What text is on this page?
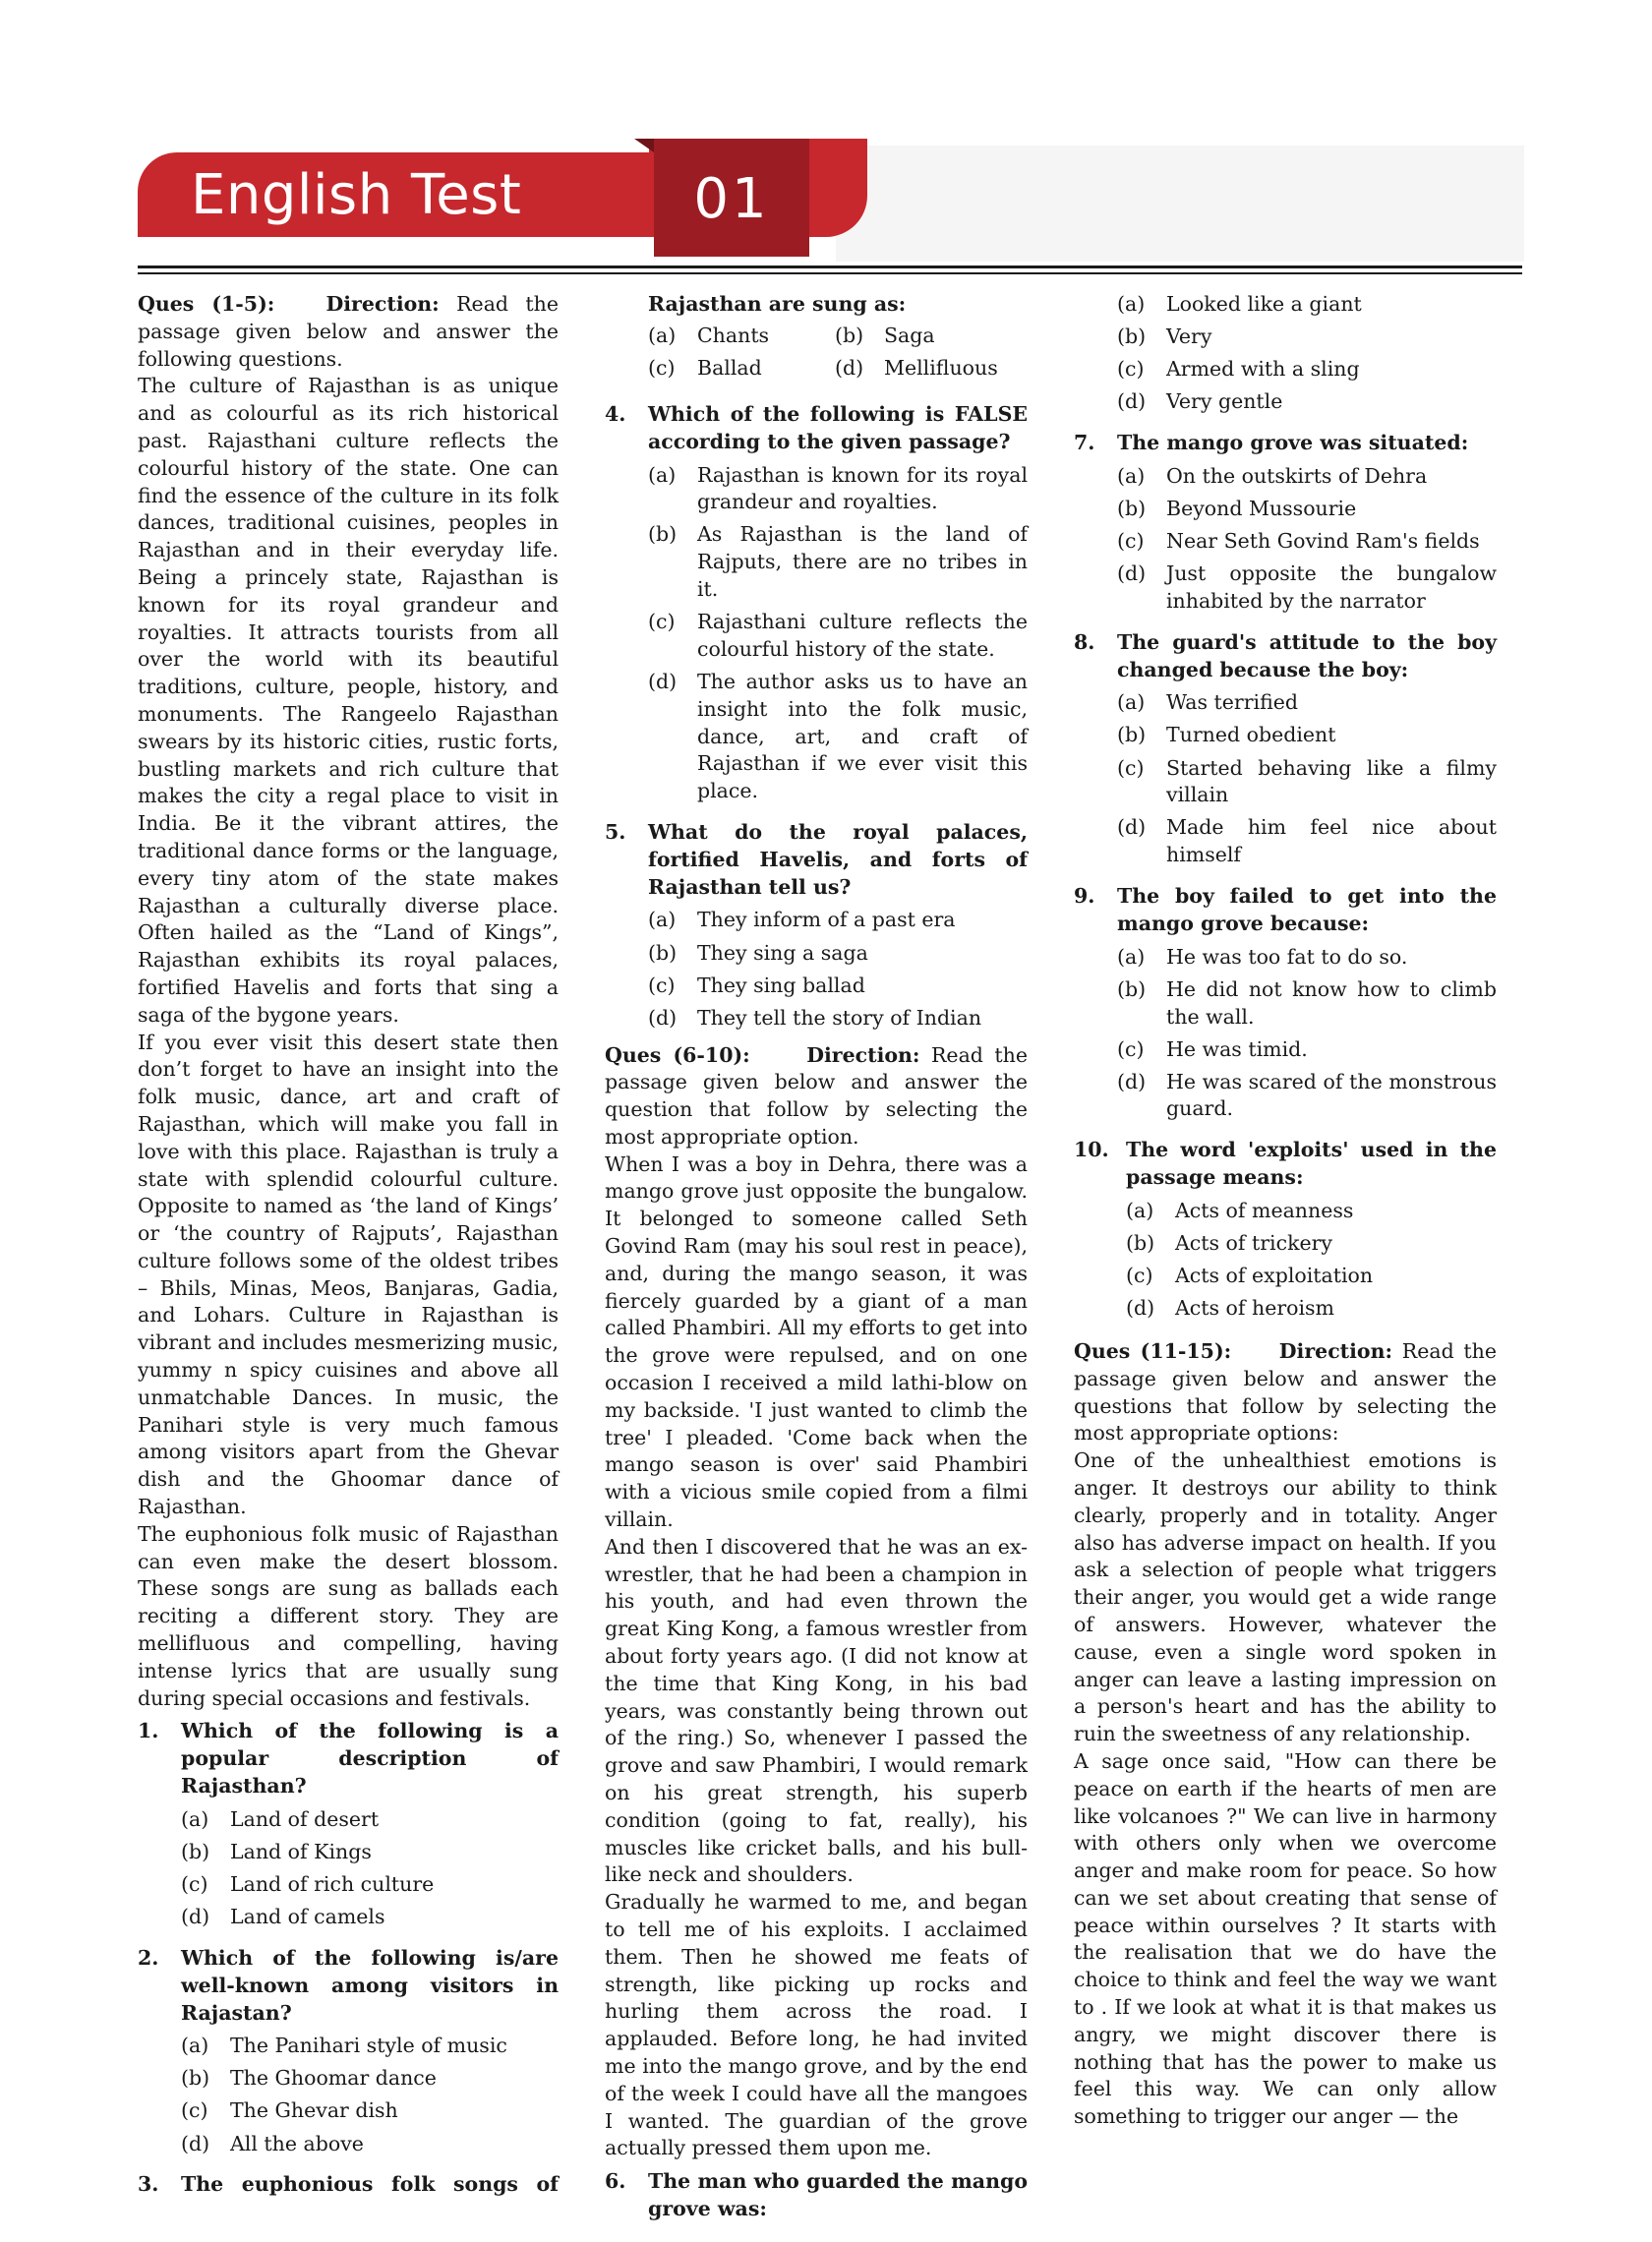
English Test	01

Ques (1-5):	Direction: Read the passage given below and answer the following questions.

The culture of Rajasthan is as unique and as colourful as its rich historical past. Rajasthani culture reflects the colourful history of the state. One can find the essence of the culture in its folk dances, traditional cuisines, peoples in Rajasthan and in their everyday life. Being a princely state, Rajasthan is known for its royal grandeur and royalties. It attracts tourists from all over the world with its beautiful traditions, culture, people, history, and monuments. The Rangeelo Rajasthan swears by its historic cities, rustic forts, bustling markets and rich culture that makes the city a regal place to visit in India. Be it the vibrant attires, the traditional dance forms or the language, every tiny atom of the state makes Rajasthan a culturally diverse place. Often hailed as the “Land of Kings”, Rajasthan exhibits its royal palaces, fortified Havelis and forts that sing a saga of the bygone years.

If you ever visit this desert state then don’t forget to have an insight into the folk music, dance, art and craft of Rajasthan, which will make you fall in love with this place. Rajasthan is truly a state with splendid colourful culture. Opposite to named as ‘the land of Kings’ or ‘the country of Rajputs’, Rajasthan culture follows some of the oldest tribes – Bhils, Minas, Meos, Banjaras, Gadia, and Lohars. Culture in Rajasthan is vibrant and includes mesmerizing music, yummy n spicy cuisines and above all unmatchable Dances. In music, the Panihari style is very much famous among visitors apart from the Ghevar dish and the Ghoomar dance of Rajasthan.

The euphonious folk music of Rajasthan can even make the desert blossom. These songs are sung as ballads each reciting a different story. They are mellifluous and compelling, having intense lyrics that are usually sung during special occasions and festivals.

1.	Which of the following is a popular description of Rajasthan?
(a)	Land of desert
(b)	Land of Kings
(c)	Land of rich culture
(d)	Land of camels
2.	Which of the following is/are well-known among visitors in Rajastan?
(a)	The Panihari style of music
(b)	The Ghoomar dance
(c)	The Ghevar dish
(d)	All the above
3.	The euphonious folk songs of
Rajasthan are sung as:
(a)	Chants	(b)	Saga
(c)	Ballad	(d)	Mellifluous
4.	Which of the following is FALSE according to the given passage?
(a)	Rajasthan is known for its royal grandeur and royalties.
(b)	As Rajasthan is the land of Rajputs, there are no tribes in it.
(c)	Rajasthani culture reflects the colourful history of the state.
(d)	The author asks us to have an insight into the folk music, dance, art, and craft of Rajasthan if we ever visit this place.
5.	What do the royal palaces, fortified Havelis, and forts of Rajasthan tell us?
(a)	They inform of a past era
(b)	They sing a saga
(c)	They sing ballad
(d)	They tell the story of Indian

Ques (6-10):	Direction: Read the passage given below and answer the question that follow by selecting the most appropriate option.

When I was a boy in Dehra, there was a mango grove just opposite the bungalow. It belonged to someone called Seth Govind Ram (may his soul rest in peace), and, during the mango season, it was fiercely guarded by a giant of a man called Phambiri. All my efforts to get into the grove were repulsed, and on one occasion I received a mild lathi-blow on my backside. 'I just wanted to climb the tree' I pleaded. 'Come back when the mango season is over' said Phambiri with a vicious smile copied from a filmi villain.

And then I discovered that he was an ex-wrestler, that he had been a champion in his youth, and had even thrown the great King Kong, a famous wrestler from about forty years ago. (I did not know at the time that King Kong, in his bad years, was constantly being thrown out of the ring.) So, whenever I passed the grove and saw Phambiri, I would remark on his great strength, his superb condition (going to fat, really), his muscles like cricket balls, and his bull-like neck and shoulders.

Gradually he warmed to me, and began to tell me of his exploits. I acclaimed them. Then he showed me feats of strength, like picking up rocks and hurling them across the road. I applauded. Before long, he had invited me into the mango grove, and by the end of the week I could have all the mangoes I wanted. The guardian of the grove actually pressed them upon me.

6.	The man who guarded the mango grove was:
(a)	Looked like a giant
(b)	Very
(c)	Armed with a sling
(d)	Very gentle
7.	The mango grove was situated:
(a)	On the outskirts of Dehra
(b)	Beyond Mussourie
(c)	Near Seth Govind Ram's fields
(d)	Just opposite the bungalow inhabited by the narrator
8.	The guard's attitude to the boy changed because the boy:
(a)	Was terrified
(b)	Turned obedient
(c)	Started behaving like a filmy villain
(d)	Made him feel nice about himself
9.	The boy failed to get into the mango grove because:
(a)	He was too fat to do so.
(b)	He did not know how to climb the wall.
(c)	He was timid.
(d)	He was scared of the monstrous guard.
10. The word 'exploits' used in the passage means:
(a)	Acts of meanness
(b)	Acts of trickery
(c)	Acts of exploitation
(d)	Acts of heroism

Ques (11-15): Direction: Read the passage given below and answer the questions that follow by selecting the most appropriate options:

One of the unhealthiest emotions is anger. It destroys our ability to think clearly, properly and in totality. Anger also has adverse impact on health. If you ask a selection of people what triggers their anger, you would get a wide range of answers. However, whatever the cause, even a single word spoken in anger can leave a lasting impression on a person's heart and has the ability to ruin the sweetness of any relationship.

A sage once said, "How can there be peace on earth if the hearts of men are like volcanoes ?" We can live in harmony with others only when we overcome anger and make room for peace. So how can we set about creating that sense of peace within ourselves ? It starts with the realisation that we do have the choice to think and feel the way we want to . If we look at what it is that makes us angry, we might discover there is nothing that has the power to make us feel this way. We can only allow something to trigger our anger — the
